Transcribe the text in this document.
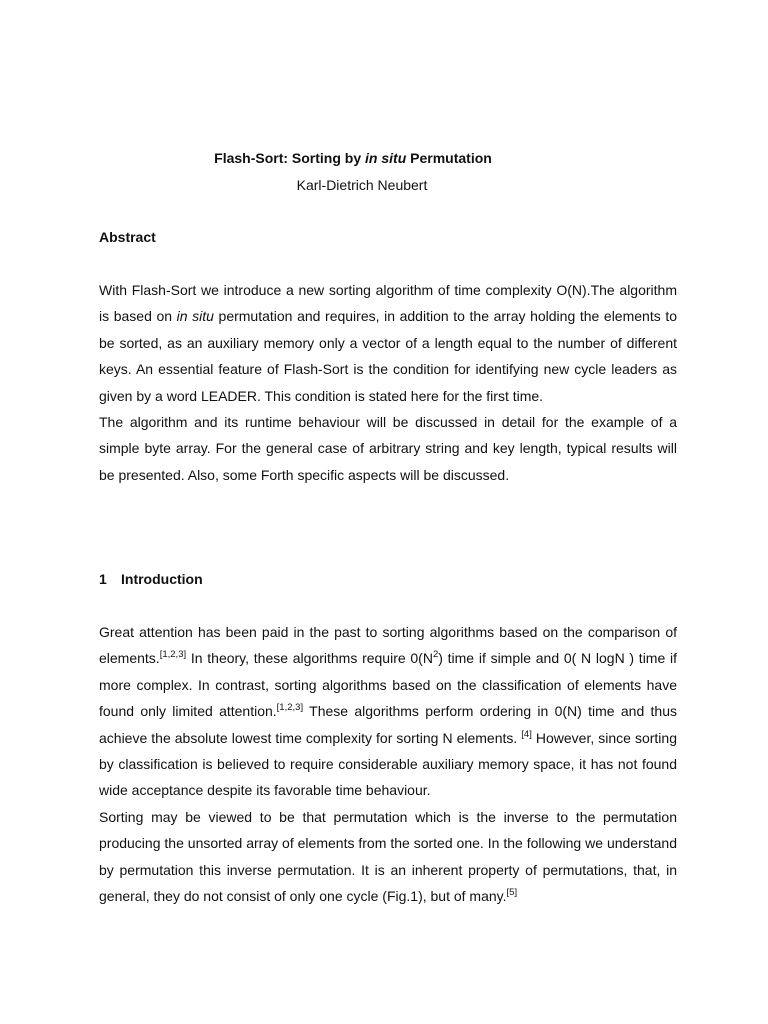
Flash-Sort: Sorting by in situ Permutation
Karl-Dietrich Neubert
Abstract

With Flash-Sort we introduce a new sorting algorithm of time complexity O(N).The algorithm is based on in situ permutation and requires, in addition to the array holding the elements to be sorted, as an auxiliary memory only a vector of a length equal to the number of different keys. An essential feature of Flash-Sort is the condition for identifying new cycle leaders as given by a word LEADER. This condition is stated here for the first time.

The algorithm and its runtime behaviour will be discussed in detail for the example of a simple byte array. For the general case of arbitrary string and key length, typical results will be presented. Also, some Forth specific aspects will be discussed.

1 Introduction

Great attention has been paid in the past to sorting algorithms based on the comparison of elements.[1,2,3] In theory, these algorithms require $0(N^2)$ time if simple and 0( N logN ) time if more complex. In contrast, sorting algorithms based on the classification of elements have found only limited attention.[1,2,3] These algorithms perform ordering in 0(N) time and thus achieve the absolute lowest time complexity for sorting N elements. [4] However, since sorting by classification is believed to require considerable auxiliary memory space, it has not found wide acceptance despite its favorable time behaviour.

Sorting may be viewed to be that permutation which is the inverse to the permutation producing the unsorted array of elements from the sorted one. In the following we understand by permutation this inverse permutation. It is an inherent property of permutations, that, in general, they do not consist of only one cycle (Fig.1), but of many.[5]
